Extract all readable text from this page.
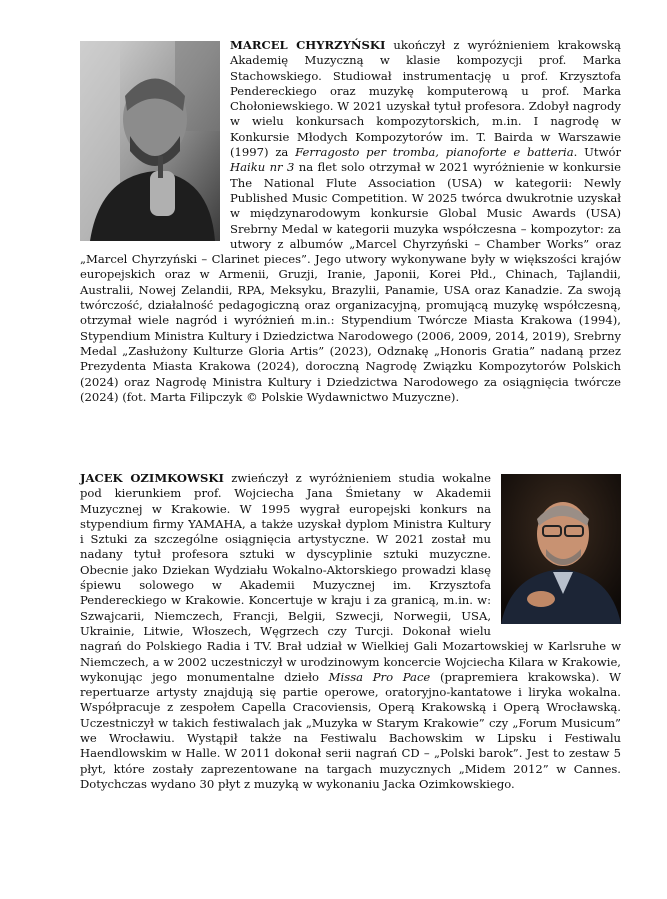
MARCEL CHYRZYŃSKI ukończył z wyróżnieniem krakowską Akademię Muzyczną w klasie kompozycji prof. Marka Stachowskiego. Studiował instrumentację u prof. Krzysztofa Pendereckiego oraz muzykę komputerową u prof. Marka Chołoniewskiego. W 2021 uzyskał tytuł profesora. Zdobył nagrody w wielu konkursach kompozytorskich, m.in. I nagrodę w Konkursie Młodych Kompozytorów im. T. Bairda w Warszawie (1997) za Ferragosto per tromba, pianoforte e batteria. Utwór Haiku nr 3 na flet solo otrzymał w 2021 wyróżnienie w konkursie The National Flute Association (USA) w kategorii: Newly Published Music Competition. W 2025 twórca dwukrotnie uzyskał w międzynarodowym konkursie Global Music Awards (USA) Srebrny Medal w kategorii muzyka współczesna – kompozytor: za utwory z albumów „Marcel Chyrzyński – Chamber Works” oraz „Marcel Chyrzyński – Clarinet pieces”. Jego utwory wykonywane były w większości krajów europejskich oraz w Armenii, Gruzji, Iranie, Japonii, Korei Płd., Chinach, Tajlandii, Australii, Nowej Zelandii, RPA, Meksyku, Brazylii, Panamie, USA oraz Kanadzie. Za swoją twórczość, działalność pedagogiczną oraz organizacyjną, promującą muzykę współczesną, otrzymał wiele nagród i wyróżnień m.in.: Stypendium Twórcze Miasta Krakowa (1994), Stypendium Ministra Kultury i Dziedzictwa Narodowego (2006, 2009, 2014, 2019), Srebrny Medal „Zasłużony Kulturze Gloria Artis” (2023), Odznakę „Honoris Gratia” nadaną przez Prezydenta Miasta Krakowa (2024), doroczną Nagrodę Związku Kompozytorów Polskich (2024) oraz Nagrodę Ministra Kultury i Dziedzictwa Narodowego za osiągnięcia twórcze (2024) (fot. Marta Filipczyk © Polskie Wydawnictwo Muzyczne).
JACEK OZIMKOWSKI zwieńczył z wyróżnieniem studia wokalne pod kierunkiem prof. Wojciecha Jana Śmietany w Akademii Muzycznej w Krakowie. W 1995 wygrał europejski konkurs na stypendium firmy YAMAHA, a także uzyskał dyplom Ministra Kultury i Sztuki za szczególne osiągnięcia artystyczne. W 2021 został mu nadany tytuł profesora sztuki w dyscyplinie sztuki muzyczne. Obecnie jako Dziekan Wydziału Wokalno-Aktorskiego prowadzi klasę śpiewu solowego w Akademii Muzycznej im. Krzysztofa Pendereckiego w Krakowie. Koncertuje w kraju i za granicą, m.in. w: Szwajcarii, Niemczech, Francji, Belgii, Szwecji, Norwegii, USA, Ukrainie, Litwie, Włoszech, Węgrzech czy Turcji. Dokonał wielu nagrań do Polskiego Radia i TV. Brał udział w Wielkiej Gali Mozartowskiej w Karlsruhe w Niemczech, a w 2002 uczestniczył w urodzinowym koncercie Wojciecha Kilara w Krakowie, wykonując jego monumentalne dzieło Missa Pro Pace (prapremiera krakowska). W repertuarze artysty znajdują się partie operowe, oratoryjno-kantatowe i liryka wokalna. Współpracuje z zespołem Capella Cracoviensis, Operą Krakowską i Operą Wrocławską. Uczestniczył w takich festiwalach jak „Muzyka w Starym Krakowie” czy „Forum Musicum” we Wrocławiu. Wystąpił także na Festiwalu Bachowskim w Lipsku i Festiwalu Haendlowskim w Halle. W 2011 dokonał serii nagrań CD – „Polski barok”. Jest to zestaw 5 płyt, które zostały zaprezentowane na targach muzycznych „Midem 2012” w Cannes. Dotychczas wydano 30 płyt z muzyką w wykonaniu Jacka Ozimkowskiego.
